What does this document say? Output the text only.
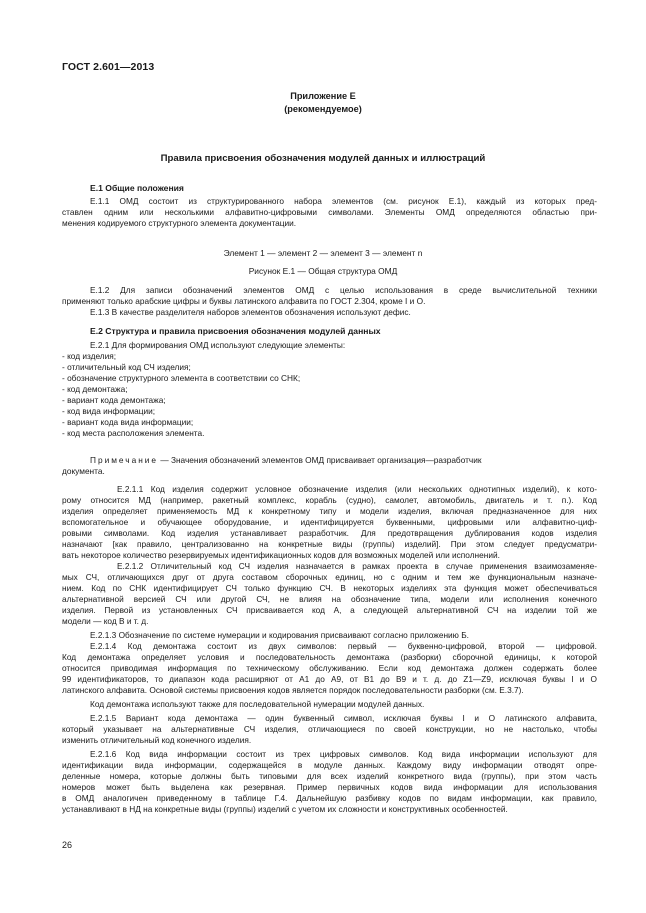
ГОСТ 2.601—2013
Приложение Е
(рекомендуемое)
Правила присвоения обозначения модулей данных и иллюстраций
Е.1 Общие положения
Е.1.1 ОМД состоит из структурированного набора элементов (см. рисунок Е.1), каждый из которых пред-
ставлен одним или несколькими алфавитно-цифровыми символами. Элементы ОМД определяются областью при-
менения кодируемого структурного элемента документации.
Элемент 1 — элемент 2 — элемент 3 — элемент n
Рисунок Е.1 — Общая структура ОМД
Е.1.2 Для записи обозначений элементов ОМД с целью использования в среде вычислительной техники
применяют только арабские цифры и буквы латинского алфавита по ГОСТ 2.304, кроме I и O.
Е.1.3 В качестве разделителя наборов элементов обозначения используют дефис.
Е.2 Структура и правила присвоения обозначения модулей данных
Е.2.1 Для формирования ОМД используют следующие элементы:
- код изделия;
- отличительный код СЧ изделия;
- обозначение структурного элемента в соответствии со СНК;
- код демонтажа;
- вариант кода демонтажа;
- код вида информации;
- вариант кода вида информации;
- код места расположения элемента.
Примечание — Значения обозначений элементов ОМД присваивает организация—разработчик
документа.
Е.2.1.1 Код изделия содержит условное обозначение изделия (или нескольких однотипных изделий), к кото-
рому относится МД (например, ракетный комплекс, корабль (судно), самолет, автомобиль, двигатель и т. п.). Код
изделия определяет применяемость МД к конкретному типу и модели изделия, включая предназначенное для них
вспомогательное и обучающее оборудование, и идентифицируется буквенными, цифровыми или алфавитно-циф-
ровыми символами. Код изделия устанавливает разработчик. Для предотвращения дублирования кодов изделия
назначают [как правило, централизованно на конкретные виды (группы) изделий]. При этом следует предусматри-
вать некоторое количество резервируемых идентификационных кодов для возможных моделей или исполнений.
Е.2.1.2 Отличительный код СЧ изделия назначается в рамках проекта в случае применения взаимозаменяе-
мых СЧ, отличающихся друг от друга составом сборочных единиц, но с одним и тем же функциональным назначе-
нием. Код по СНК идентифицирует СЧ только функцию СЧ. В некоторых изделиях эта функция может обеспечиваться
альтернативной версией СЧ или другой СЧ, не влияя на обозначение типа, модели или исполнения конечного
изделия. Первой из установленных СЧ присваивается код А, а следующей альтернативной СЧ на изделии той же
модели — код В и т. д.
Е.2.1.3 Обозначение по системе нумерации и кодирования присваивают согласно приложению Б.
Е.2.1.4 Код демонтажа состоит из двух символов: первый — буквенно-цифровой, второй — цифровой.
Код демонтажа определяет условия и последовательность демонтажа (разборки) сборочной единицы, к которой
относится приводимая информация по техническому обслуживанию. Если код демонтажа должен содержать более
99 идентификаторов, то диапазон кода расширяют от А1 до А9, от В1 до В9 и т. д. до Z1—Z9, исключая буквы I и O
латинского алфавита. Основой системы присвоения кодов является порядок последовательности разборки (см. Е.3.7).
Код демонтажа используют также для последовательной нумерации модулей данных.
Е.2.1.5 Вариант кода демонтажа — один буквенный символ, исключая буквы I и O латинского алфавита,
который указывает на альтернативные СЧ изделия, отличающиеся по своей конструкции, но не настолько, чтобы
изменить отличительный код конечного изделия.
Е.2.1.6 Код вида информации состоит из трех цифровых символов. Код вида информации используют для
идентификации вида информации, содержащейся в модуле данных. Каждому виду информации отводят опре-
деленные номера, которые должны быть типовыми для всех изделий конкретного вида (группы), при этом часть
номеров может быть выделена как резервная. Пример первичных кодов вида информации для использования
в ОМД аналогичен приведенному в таблице Г.4. Дальнейшую разбивку кодов по видам информации, как правило,
устанавливают в НД на конкретные виды (группы) изделий с учетом их сложности и конструктивных особенностей.
26
